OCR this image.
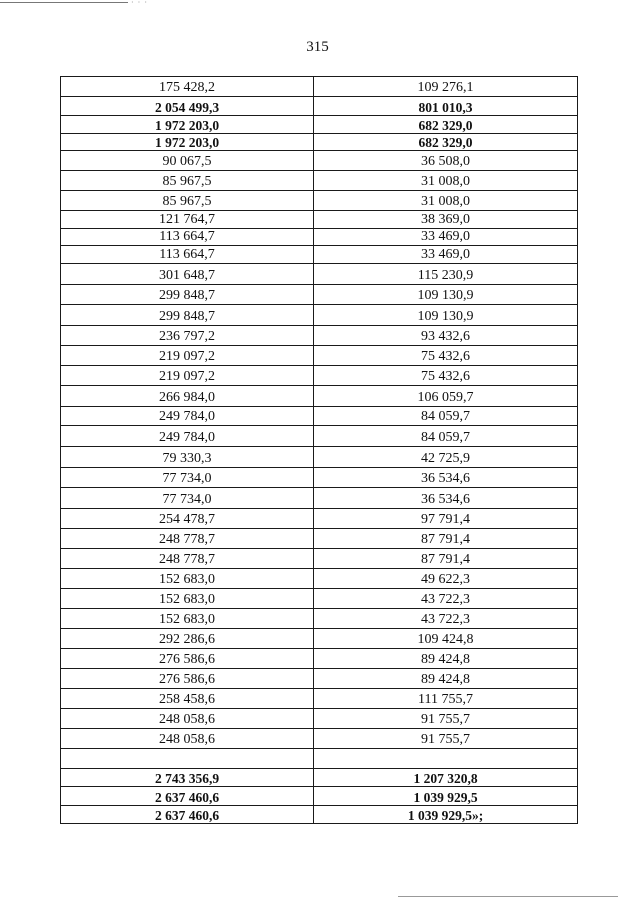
· · ·
315
175 428,2	109 276,1
2 054 499,3	801 010,3
1 972 203,0	682 329,0
1 972 203,0	682 329,0
90 067,5	36 508,0
85 967,5	31 008,0
85 967,5	31 008,0
121 764,7	38 369,0
113 664,7	33 469,0
113 664,7	33 469,0
301 648,7	115 230,9
299 848,7	109 130,9
299 848,7	109 130,9
236 797,2	93 432,6
219 097,2	75 432,6
219 097,2	75 432,6
266 984,0	106 059,7
249 784,0	84 059,7
249 784,0	84 059,7
79 330,3	42 725,9
77 734,0	36 534,6
77 734,0	36 534,6
254 478,7	97 791,4
248 778,7	87 791,4
248 778,7	87 791,4
152 683,0	49 622,3
152 683,0	43 722,3
152 683,0	43 722,3
292 286,6	109 424,8
276 586,6	89 424,8
276 586,6	89 424,8
258 458,6	111 755,7
248 058,6	91 755,7
248 058,6	91 755,7

2 743 356,9	1 207 320,8
2 637 460,6	1 039 929,5
2 637 460,6	1 039 929,5»;
